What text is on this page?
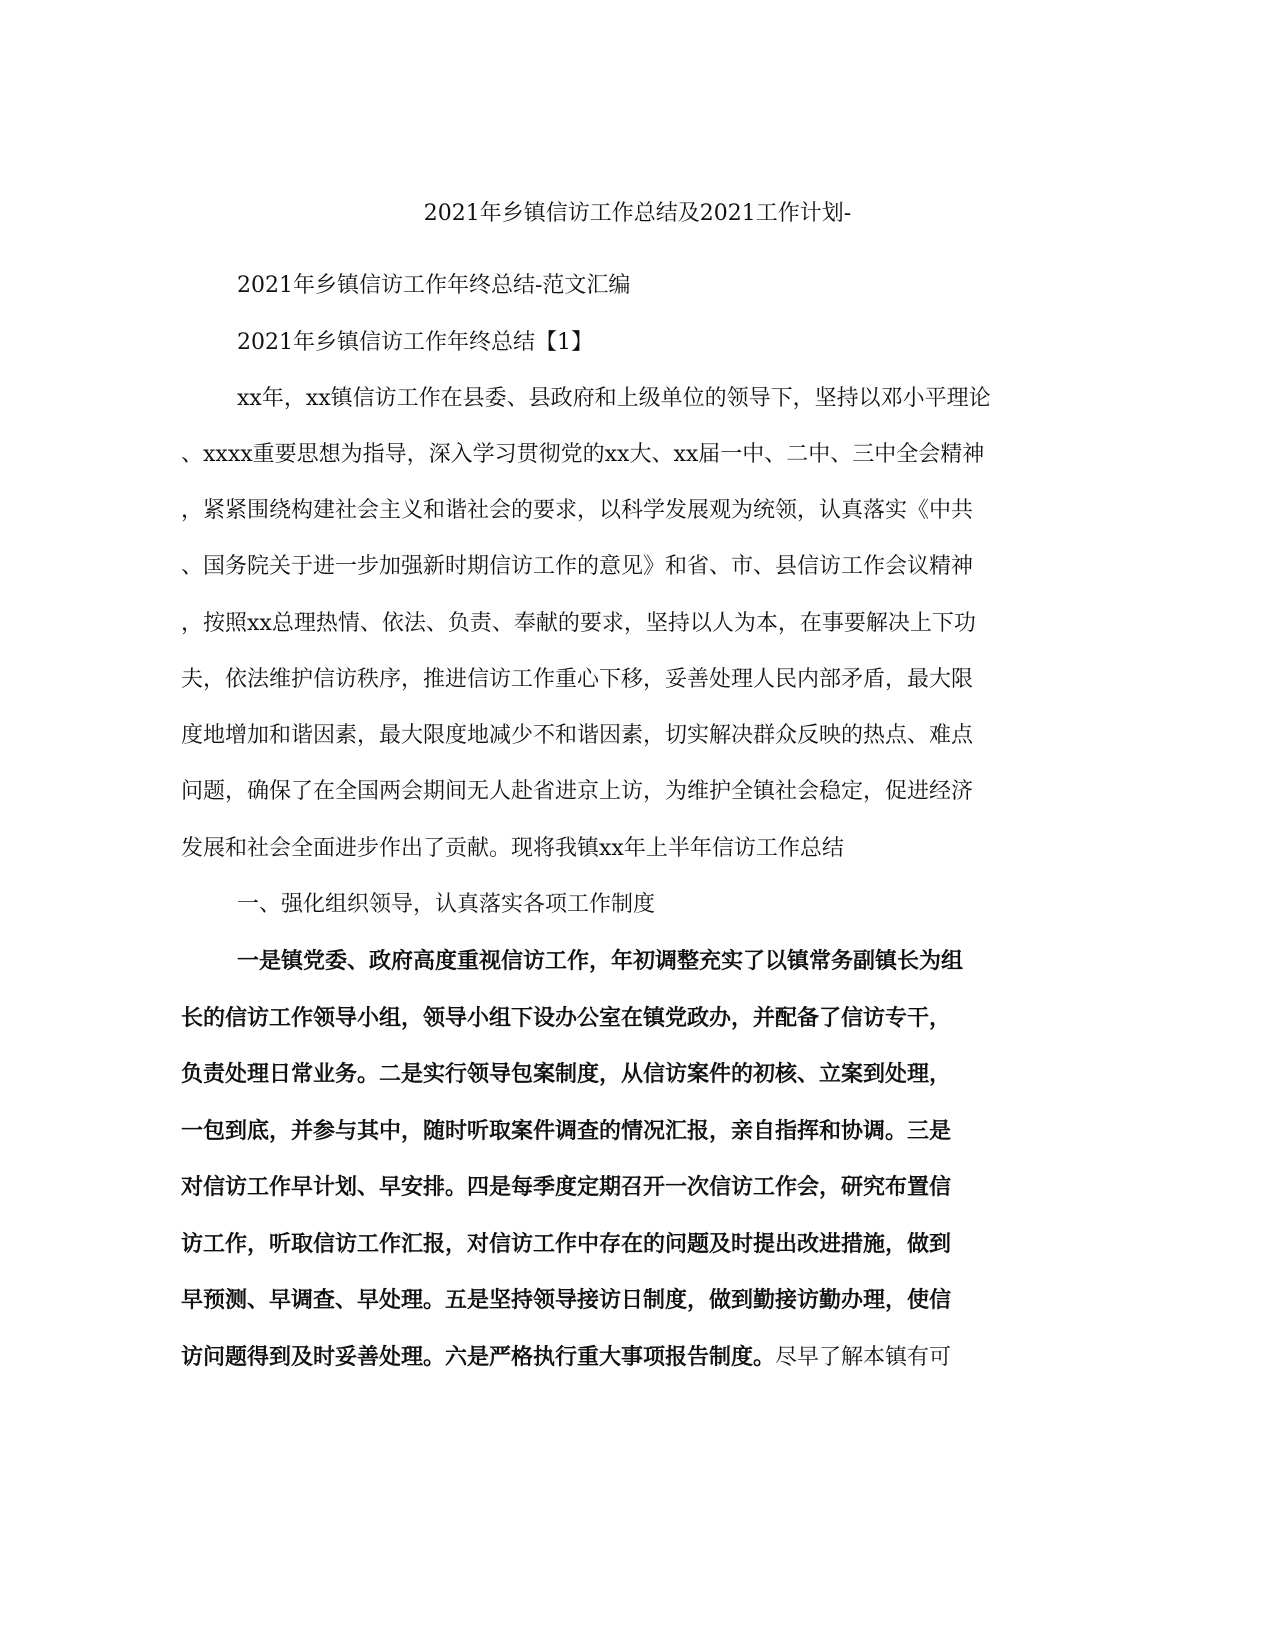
2021年乡镇信访工作总结及2021工作计划-
2021年乡镇信访工作年终总结-范文汇编
2021年乡镇信访工作年终总结【1】
xx年，xx镇信访工作在县委、县政府和上级单位的领导下，坚持以邓小平理论
、xxxx重要思想为指导，深入学习贯彻党的xx大、xx届一中、二中、三中全会精神
，紧紧围绕构建社会主义和谐社会的要求，以科学发展观为统领，认真落实《中共
、国务院关于进一步加强新时期信访工作的意见》和省、市、县信访工作会议精神
，按照xx总理热情、依法、负责、奉献的要求，坚持以人为本，在事要解决上下功
夫，依法维护信访秩序，推进信访工作重心下移，妥善处理人民内部矛盾，最大限
度地增加和谐因素，最大限度地减少不和谐因素，切实解决群众反映的热点、难点
问题，确保了在全国两会期间无人赴省进京上访，为维护全镇社会稳定，促进经济
发展和社会全面进步作出了贡献。现将我镇xx年上半年信访工作总结
一、强化组织领导，认真落实各项工作制度
一是镇党委、政府高度重视信访工作，年初调整充实了以镇常务副镇长为组
长的信访工作领导小组，领导小组下设办公室在镇党政办，并配备了信访专干，
负责处理日常业务。二是实行领导包案制度，从信访案件的初核、立案到处理，
一包到底，并参与其中，随时听取案件调查的情况汇报，亲自指挥和协调。三是
对信访工作早计划、早安排。四是每季度定期召开一次信访工作会，研究布置信
访工作，听取信访工作汇报，对信访工作中存在的问题及时提出改进措施，做到
早预测、早调查、早处理。五是坚持领导接访日制度，做到勤接访勤办理，使信
访问题得到及时妥善处理。六是严格执行重大事项报告制度。尽早了解本镇有可
